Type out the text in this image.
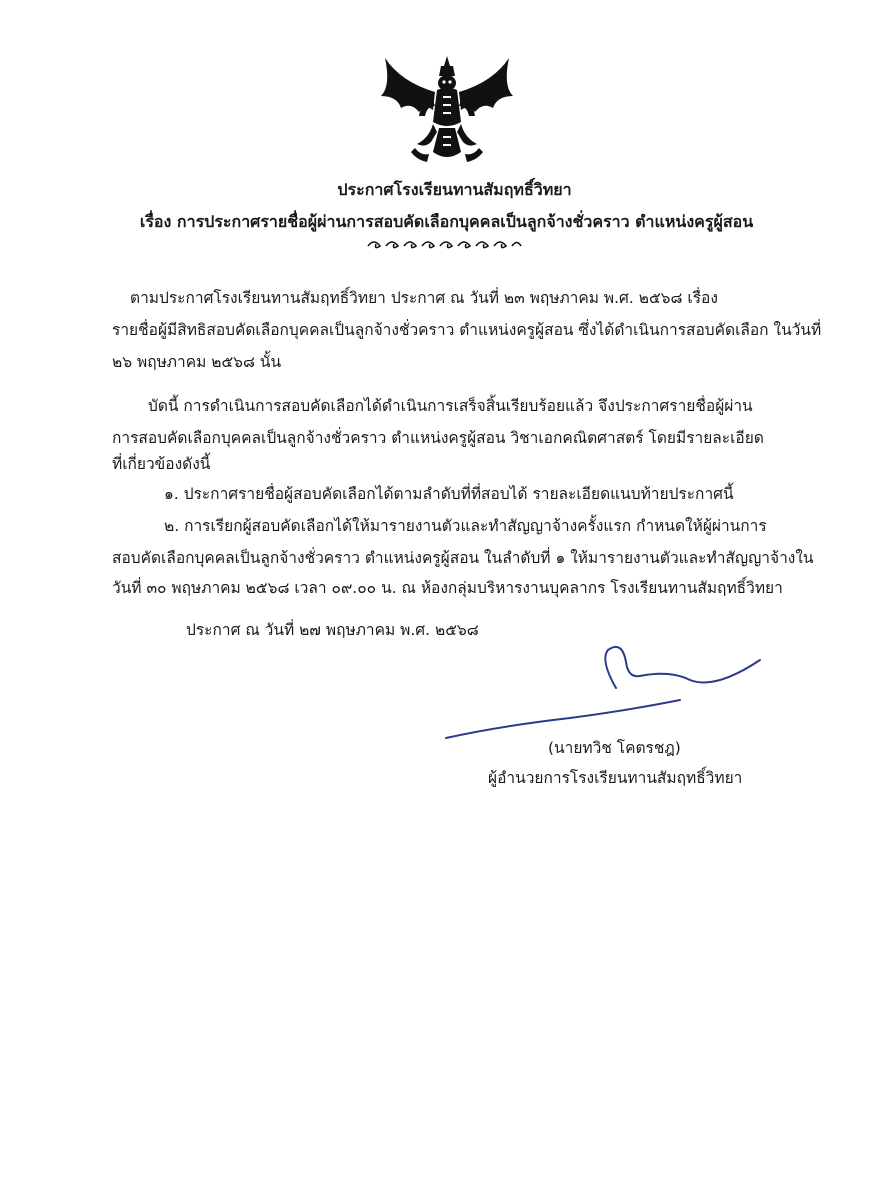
ประกาศโรงเรียนทานสัมฤทธิ์วิทยา
เรื่อง การประกาศรายชื่อผู้ผ่านการสอบคัดเลือกบุคคลเป็นลูกจ้างชั่วคราว ตำแหน่งครูผู้สอน
ตามประกาศโรงเรียนทานสัมฤทธิ์วิทยา ประกาศ ณ วันที่ ๒๓ พฤษภาคม พ.ศ. ๒๕๖๘ เรื่อง
รายชื่อผู้มีสิทธิสอบคัดเลือกบุคคลเป็นลูกจ้างชั่วคราว ตำแหน่งครูผู้สอน ซึ่งได้ดำเนินการสอบคัดเลือก ในวันที่
๒๖ พฤษภาคม ๒๕๖๘ นั้น
บัดนี้ การดำเนินการสอบคัดเลือกได้ดำเนินการเสร็จสิ้นเรียบร้อยแล้ว จึงประกาศรายชื่อผู้ผ่าน
การสอบคัดเลือกบุคคลเป็นลูกจ้างชั่วคราว ตำแหน่งครูผู้สอน วิชาเอกคณิตศาสตร์ โดยมีรายละเอียด
ที่เกี่ยวข้องดังนี้
๑. ประกาศรายชื่อผู้สอบคัดเลือกได้ตามลำดับที่ที่สอบได้ รายละเอียดแนบท้ายประกาศนี้
๒. การเรียกผู้สอบคัดเลือกได้ให้มารายงานตัวและทำสัญญาจ้างครั้งแรก กำหนดให้ผู้ผ่านการ
สอบคัดเลือกบุคคลเป็นลูกจ้างชั่วคราว ตำแหน่งครูผู้สอน ในลำดับที่ ๑ ให้มารายงานตัวและทำสัญญาจ้างใน
วันที่ ๓๐ พฤษภาคม ๒๕๖๘ เวลา ๐๙.๐๐ น. ณ ห้องกลุ่มบริหารงานบุคลากร โรงเรียนทานสัมฤทธิ์วิทยา
ประกาศ ณ วันที่ ๒๗ พฤษภาคม พ.ศ. ๒๕๖๘
(นายทวิช โคตรชฎ)
ผู้อำนวยการโรงเรียนทานสัมฤทธิ์วิทยา
